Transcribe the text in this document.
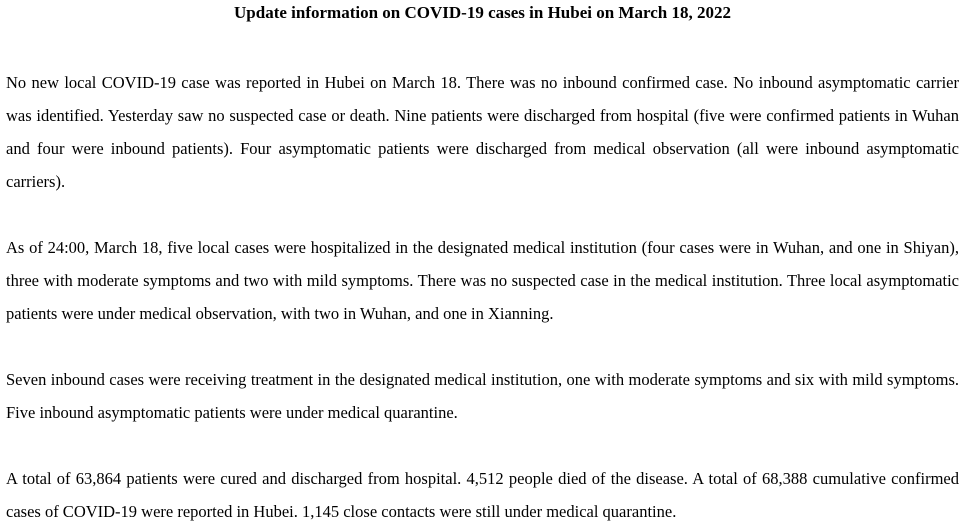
Update information on COVID-19 cases in Hubei on March 18, 2022

No new local COVID-19 case was reported in Hubei on March 18. There was no inbound confirmed case. No inbound asymptomatic carrier was identified. Yesterday saw no suspected case or death. Nine patients were discharged from hospital (five were confirmed patients in Wuhan and four were inbound patients). Four asymptomatic patients were discharged from medical observation (all were inbound asymptomatic carriers).

As of 24:00, March 18, five local cases were hospitalized in the designated medical institution (four cases were in Wuhan, and one in Shiyan), three with moderate symptoms and two with mild symptoms. There was no suspected case in the medical institution. Three local asymptomatic patients were under medical observation, with two in Wuhan, and one in Xianning.

Seven inbound cases were receiving treatment in the designated medical institution, one with moderate symptoms and six with mild symptoms. Five inbound asymptomatic patients were under medical quarantine.

A total of 63,864 patients were cured and discharged from hospital. 4,512 people died of the disease. A total of 68,388 cumulative confirmed cases of COVID-19 were reported in Hubei. 1,145 close contacts were still under medical quarantine.
